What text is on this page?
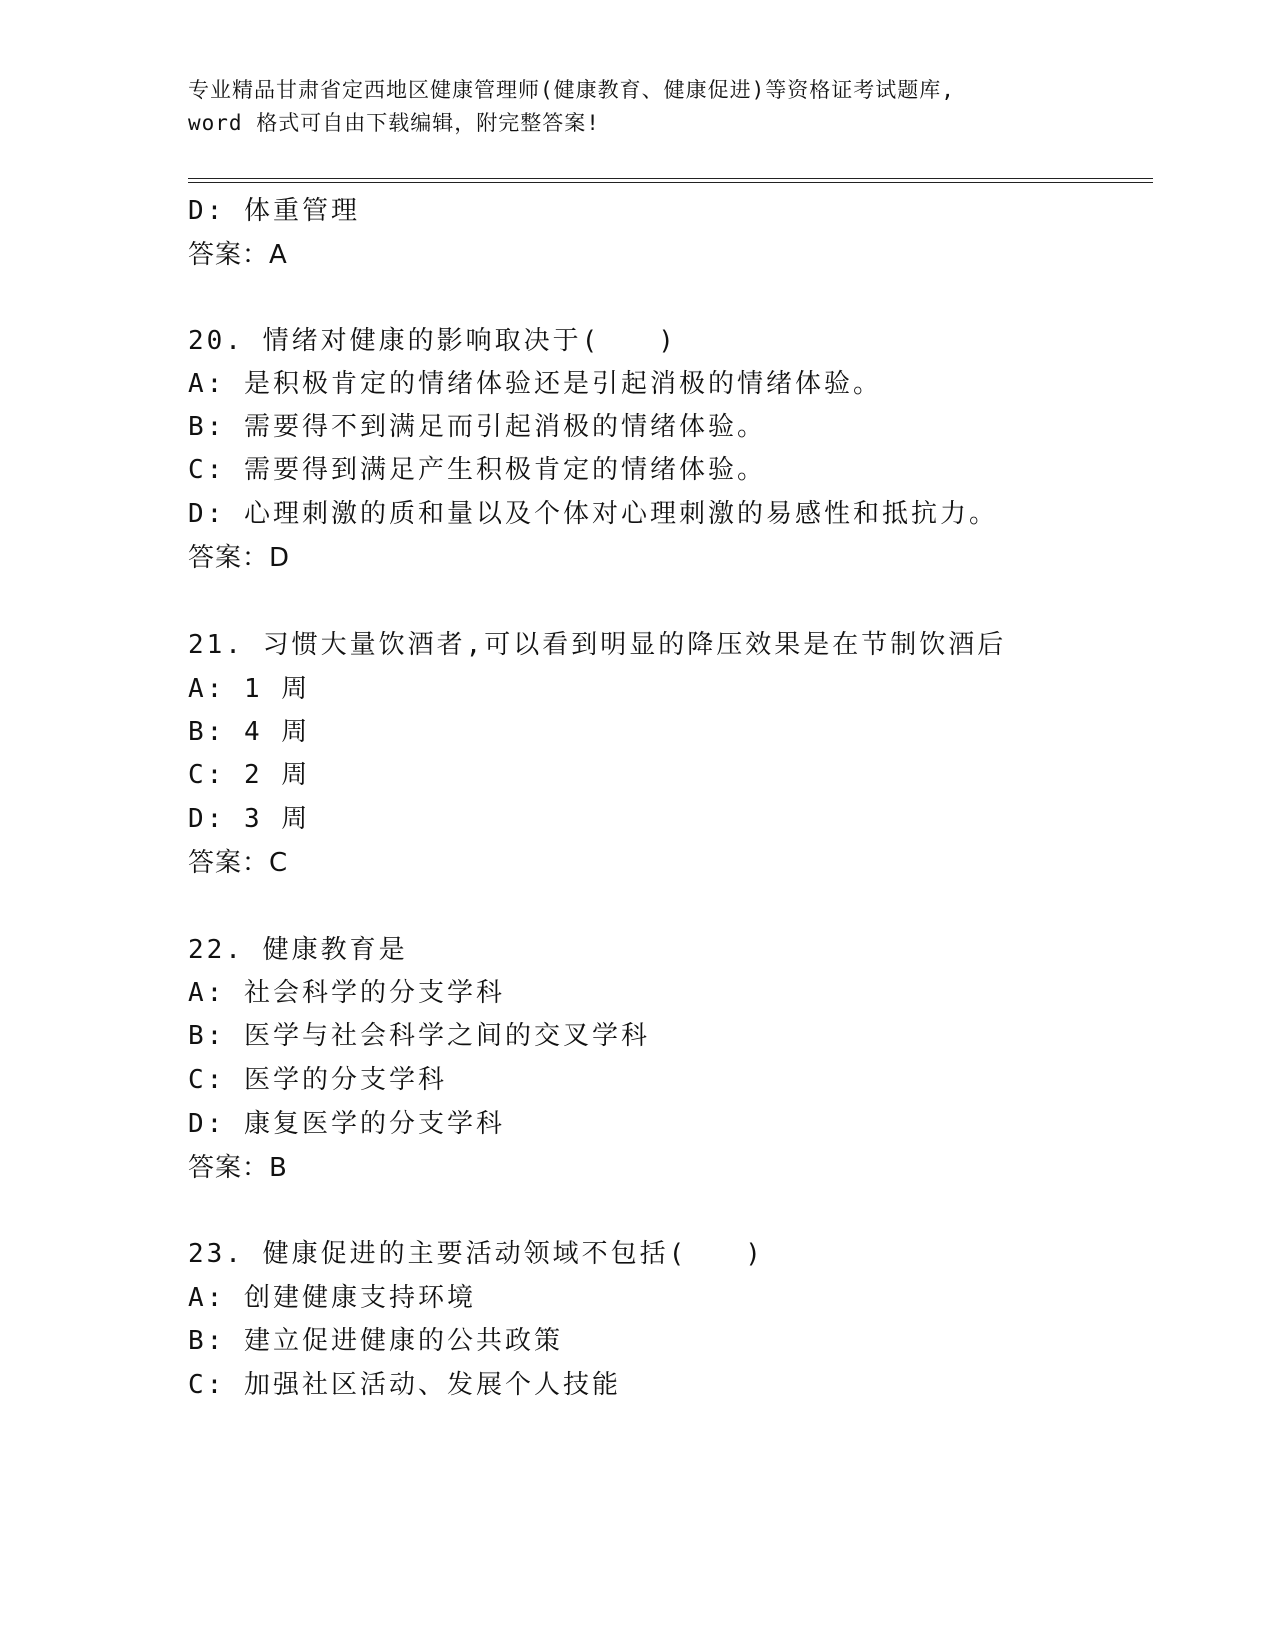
专业精品甘肃省定西地区健康管理师(健康教育、健康促进)等资格证考试题库,
word 格式可自由下载编辑，附完整答案!
D: 体重管理
答案：A
20. 情绪对健康的影响取决于(　　)
A: 是积极肯定的情绪体验还是引起消极的情绪体验。
B: 需要得不到满足而引起消极的情绪体验。
C: 需要得到满足产生积极肯定的情绪体验。
D: 心理刺激的质和量以及个体对心理刺激的易感性和抵抗力。
答案：D
21. 习惯大量饮酒者,可以看到明显的降压效果是在节制饮酒后
A: 1 周
B: 4 周
C: 2 周
D: 3 周
答案：C
22. 健康教育是
A: 社会科学的分支学科
B: 医学与社会科学之间的交叉学科
C: 医学的分支学科
D: 康复医学的分支学科
答案：B
23. 健康促进的主要活动领域不包括(　　)
A: 创建健康支持环境
B: 建立促进健康的公共政策
C: 加强社区活动、发展个人技能
